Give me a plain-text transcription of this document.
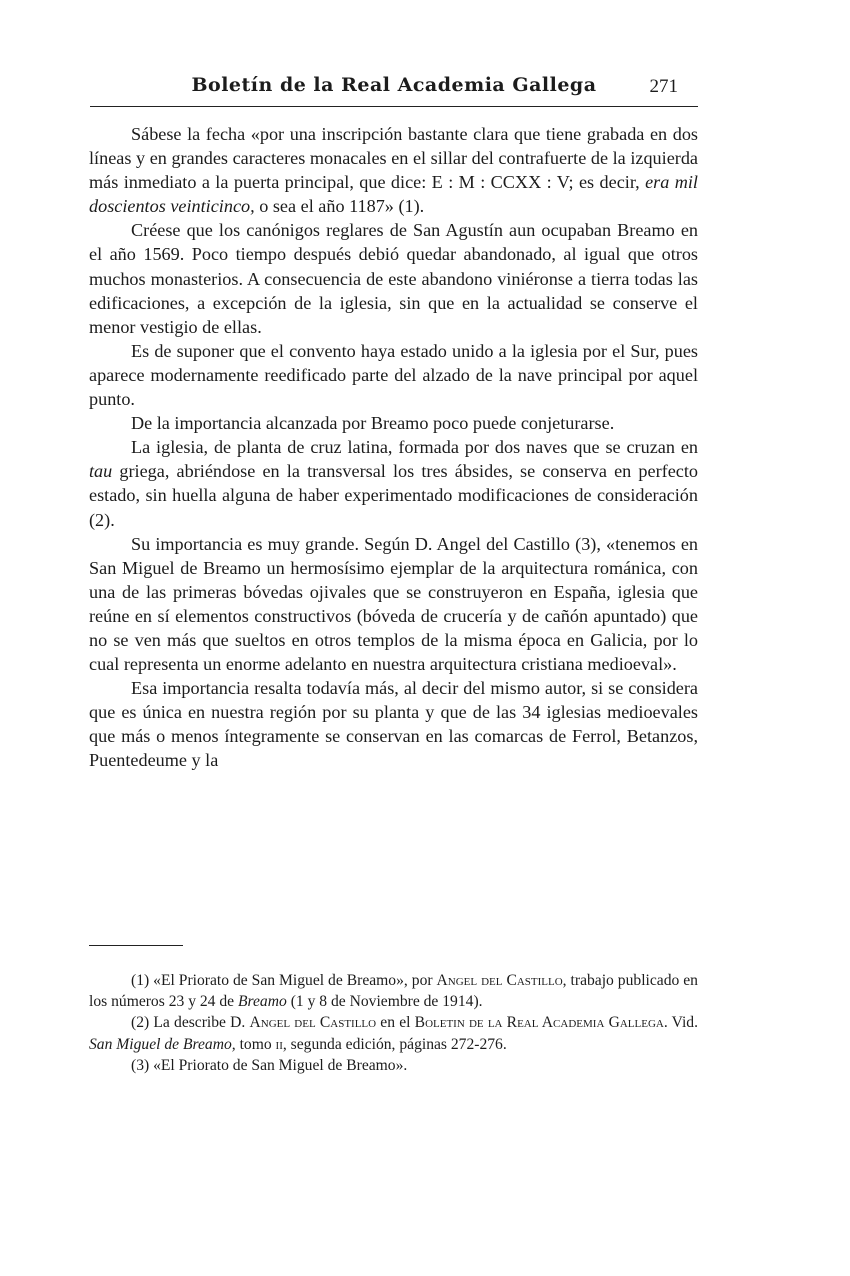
Boletín de la Real Academia Gallega	271

Sábese la fecha «por una inscripción bastante clara que tiene grabada en dos líneas y en grandes caracteres monacales en el sillar del contrafuerte de la izquierda más inmediato a la puerta principal, que dice: E : M : CCXX : V; es decir, era mil doscientos veinticinco, o sea el año 1187» (1).

Créese que los canónigos reglares de San Agustín aun ocupaban Breamo en el año 1569. Poco tiempo después debió quedar abandonado, al igual que otros muchos monasterios. A consecuencia de este abandono viniéronse a tierra todas las edificaciones, a excepción de la iglesia, sin que en la actualidad se conserve el menor vestigio de ellas.

Es de suponer que el convento haya estado unido a la iglesia por el Sur, pues aparece modernamente reedificado parte del alzado de la nave principal por aquel punto.

De la importancia alcanzada por Breamo poco puede conjeturarse.

La iglesia, de planta de cruz latina, formada por dos naves que se cruzan en tau griega, abriéndose en la transversal los tres ábsides, se conserva en perfecto estado, sin huella alguna de haber experimentado modificaciones de consideración (2).

Su importancia es muy grande. Según D. Angel del Castillo (3), «tenemos en San Miguel de Breamo un hermosísimo ejemplar de la arquitectura románica, con una de las primeras bóvedas ojivales que se construyeron en España, iglesia que reúne en sí elementos constructivos (bóveda de crucería y de cañón apuntado) que no se ven más que sueltos en otros templos de la misma época en Galicia, por lo cual representa un enorme adelanto en nuestra arquitectura cristiana medioeval».

Esa importancia resalta todavía más, al decir del mismo autor, si se considera que es única en nuestra región por su planta y que de las 34 iglesias medioevales que más o menos íntegramente se conservan en las comarcas de Ferrol, Betanzos, Puentedeume y la

(1) «El Priorato de San Miguel de Breamo», por Angel del Castillo, trabajo publicado en los números 23 y 24 de Breamo (1 y 8 de Noviembre de 1914).

(2) La describe D. Angel del Castillo en el Boletin de la Real Academia Gallega. Vid. San Miguel de Breamo, tomo ii, segunda edición, páginas 272-276.

(3) «El Priorato de San Miguel de Breamo».
